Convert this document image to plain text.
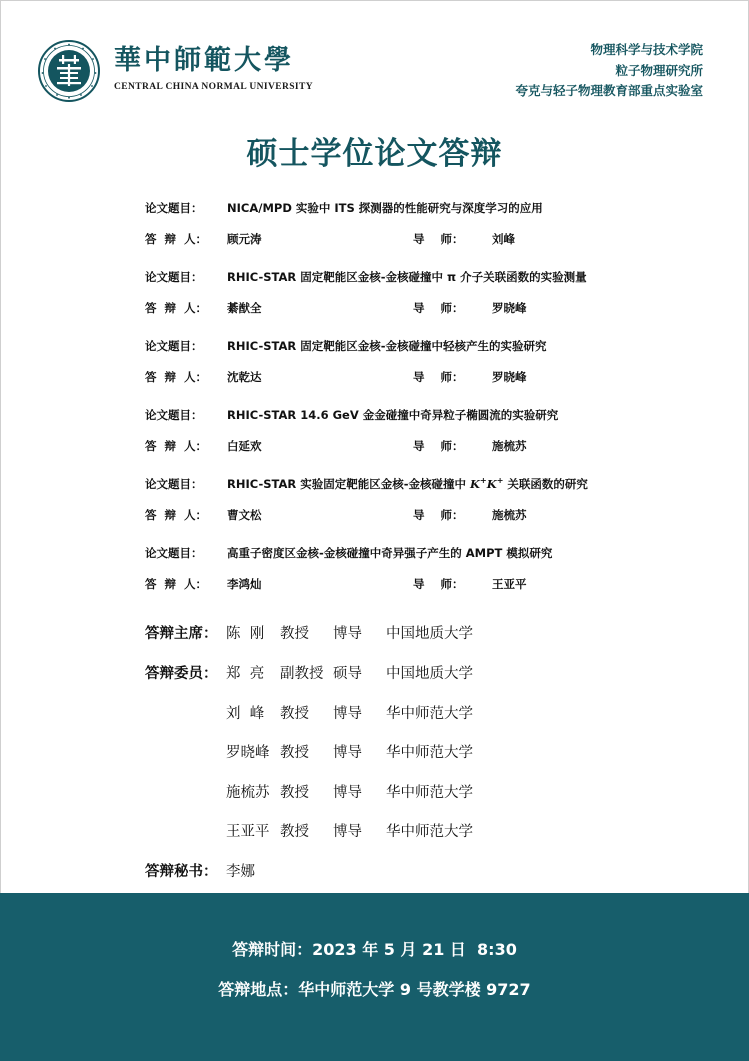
華中師範大學
CENTRAL CHINA NORMAL UNIVERSITY
物理科学与技术学院
粒子物理研究所
夸克与轻子物理教育部重点实验室
硕士学位论文答辩
论文题目： NICA/MPD 实验中 ITS 探测器的性能研究与深度学习的应用
答  辩  人： 顾元涛	导    师： 刘峰
论文题目： RHIC-STAR 固定靶能区金核-金核碰撞中 π 介子关联函数的实验测量
答  辩  人： 綦猷全	导    师： 罗晓峰
论文题目： RHIC-STAR 固定靶能区金核-金核碰撞中轻核产生的实验研究
答  辩  人： 沈乾达	导    师： 罗晓峰
论文题目： RHIC-STAR 14.6 GeV 金金碰撞中奇异粒子椭圆流的实验研究
答  辩  人： 白延欢	导    师： 施梳苏
论文题目： RHIC-STAR 实验固定靶能区金核-金核碰撞中 K+K+ 关联函数的研究
答  辩  人： 曹文松	导    师： 施梳苏
论文题目： 高重子密度区金核-金核碰撞中奇异强子产生的 AMPT 模拟研究
答  辩  人： 李鸿灿	导    师： 王亚平
答辩主席： 陈  刚 教授 博导 中国地质大学
答辩委员： 郑  亮 副教授 硕导 中国地质大学
刘  峰 教授 博导 华中师范大学
罗晓峰 教授 博导 华中师范大学
施梳苏 教授 博导 华中师范大学
王亚平 教授 博导 华中师范大学
答辩秘书： 李娜
答辩时间：2023 年 5 月 21 日  8:30
答辩地点：华中师范大学 9 号教学楼 9727
